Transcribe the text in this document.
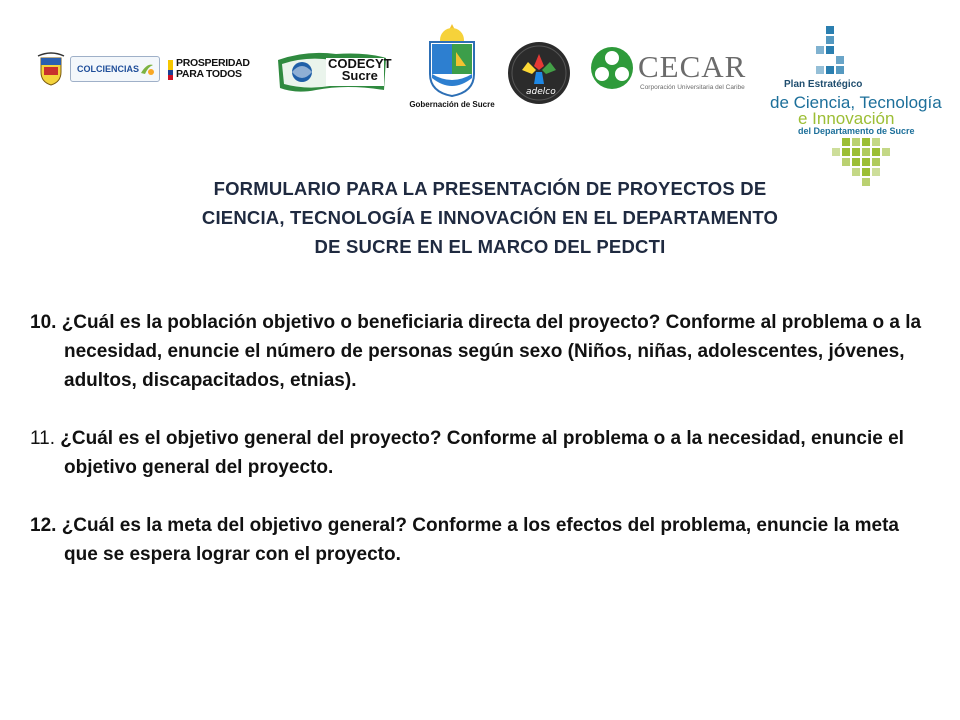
COLCIENCIAS	PROSPERIDAD
PARA TODOS
CODECYT
Sucre
Gobernación de Sucre
adelco
CECAR
Corporación Universitaria del Caribe	Plan Estratégico
de Ciencia, Tecnología
e Innovación
del Departamento de Sucre
FORMULARIO PARA LA PRESENTACIÓN DE PROYECTOS DE
CIENCIA, TECNOLOGÍA E INNOVACIÓN EN EL DEPARTAMENTO
DE SUCRE EN EL MARCO DEL PEDCTI
10. ¿Cuál es la población objetivo o beneficiaria directa del proyecto? Conforme al problema o a la necesidad, enuncie el número de personas según sexo (Niños, niñas, adolescentes, jóvenes, adultos, discapacitados, etnias).
11. ¿Cuál es el objetivo general del proyecto? Conforme al problema o a la necesidad, enuncie el objetivo general del proyecto.
12. ¿Cuál es la meta del objetivo general? Conforme a los efectos del problema, enuncie la meta que se espera lograr con el proyecto.
